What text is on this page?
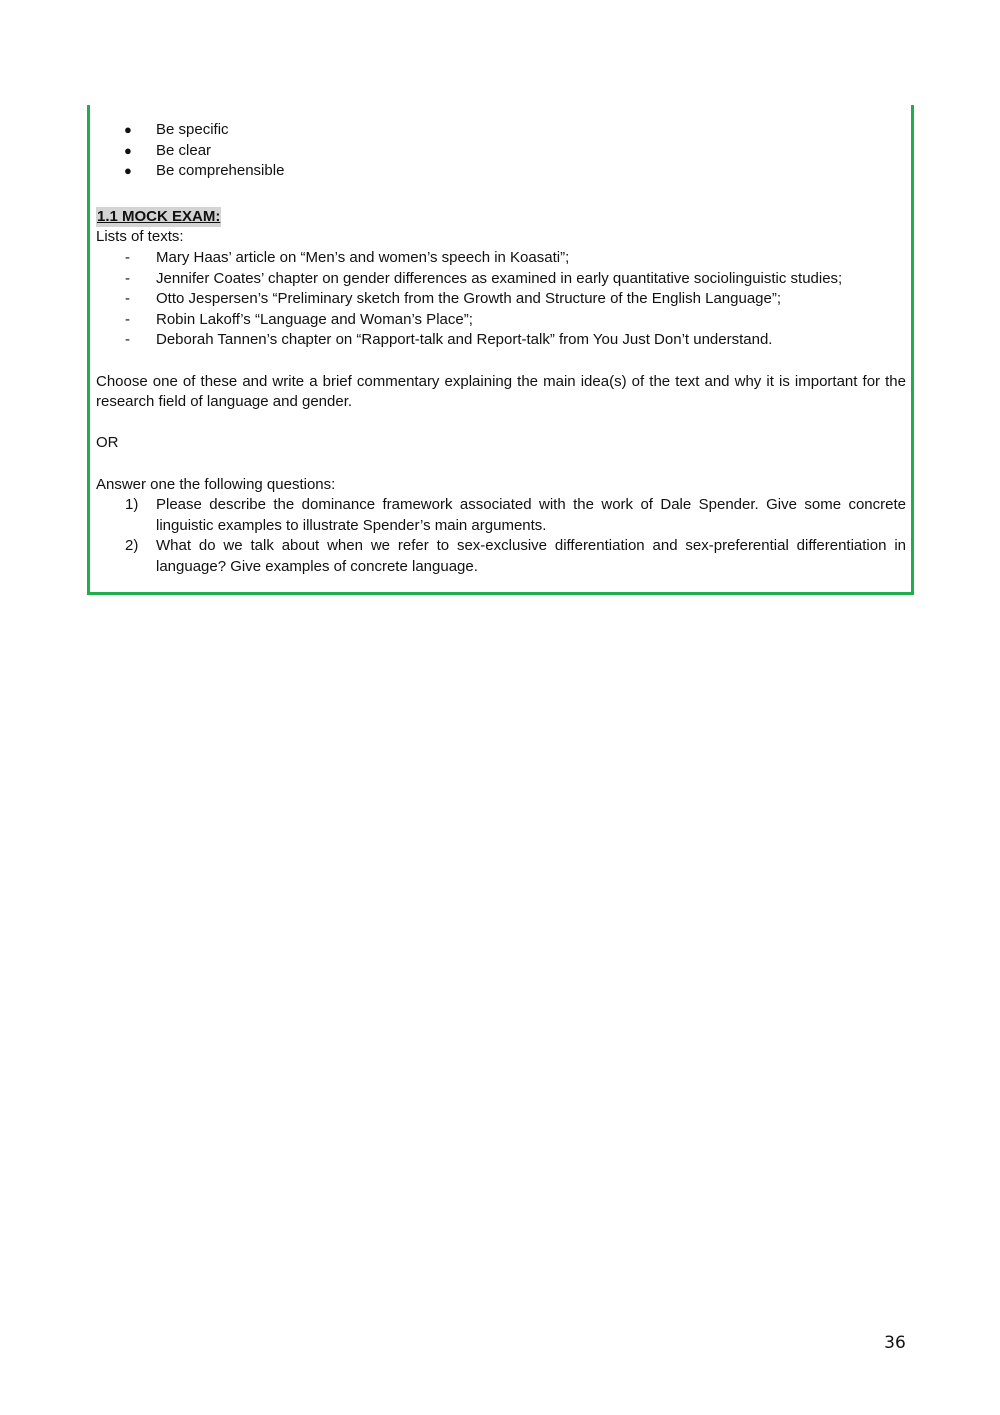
● Be specific
● Be clear
● Be comprehensible
1.1 MOCK EXAM:

Lists of texts:

- Mary Haas’ article on “Men’s and women’s speech in Koasati”;
- Jennifer Coates’ chapter on gender differences as examined in early quantitative sociolinguistic studies;
- Otto Jespersen’s “Preliminary sketch from the Growth and Structure of the English Language”;
- Robin Lakoff’s “Language and Woman’s Place”;
- Deborah Tannen’s chapter on “Rapport-talk and Report-talk” from You Just Don’t understand.

Choose one of these and write a brief commentary explaining the main idea(s) of the text and why it is important for the research field of language and gender.

OR

Answer one the following questions:

1) Please describe the dominance framework associated with the work of Dale Spender. Give some concrete linguistic examples to illustrate Spender’s main arguments.
2) What do we talk about when we refer to sex-exclusive differentiation and sex-preferential differentiation in language? Give examples of concrete language.
36
